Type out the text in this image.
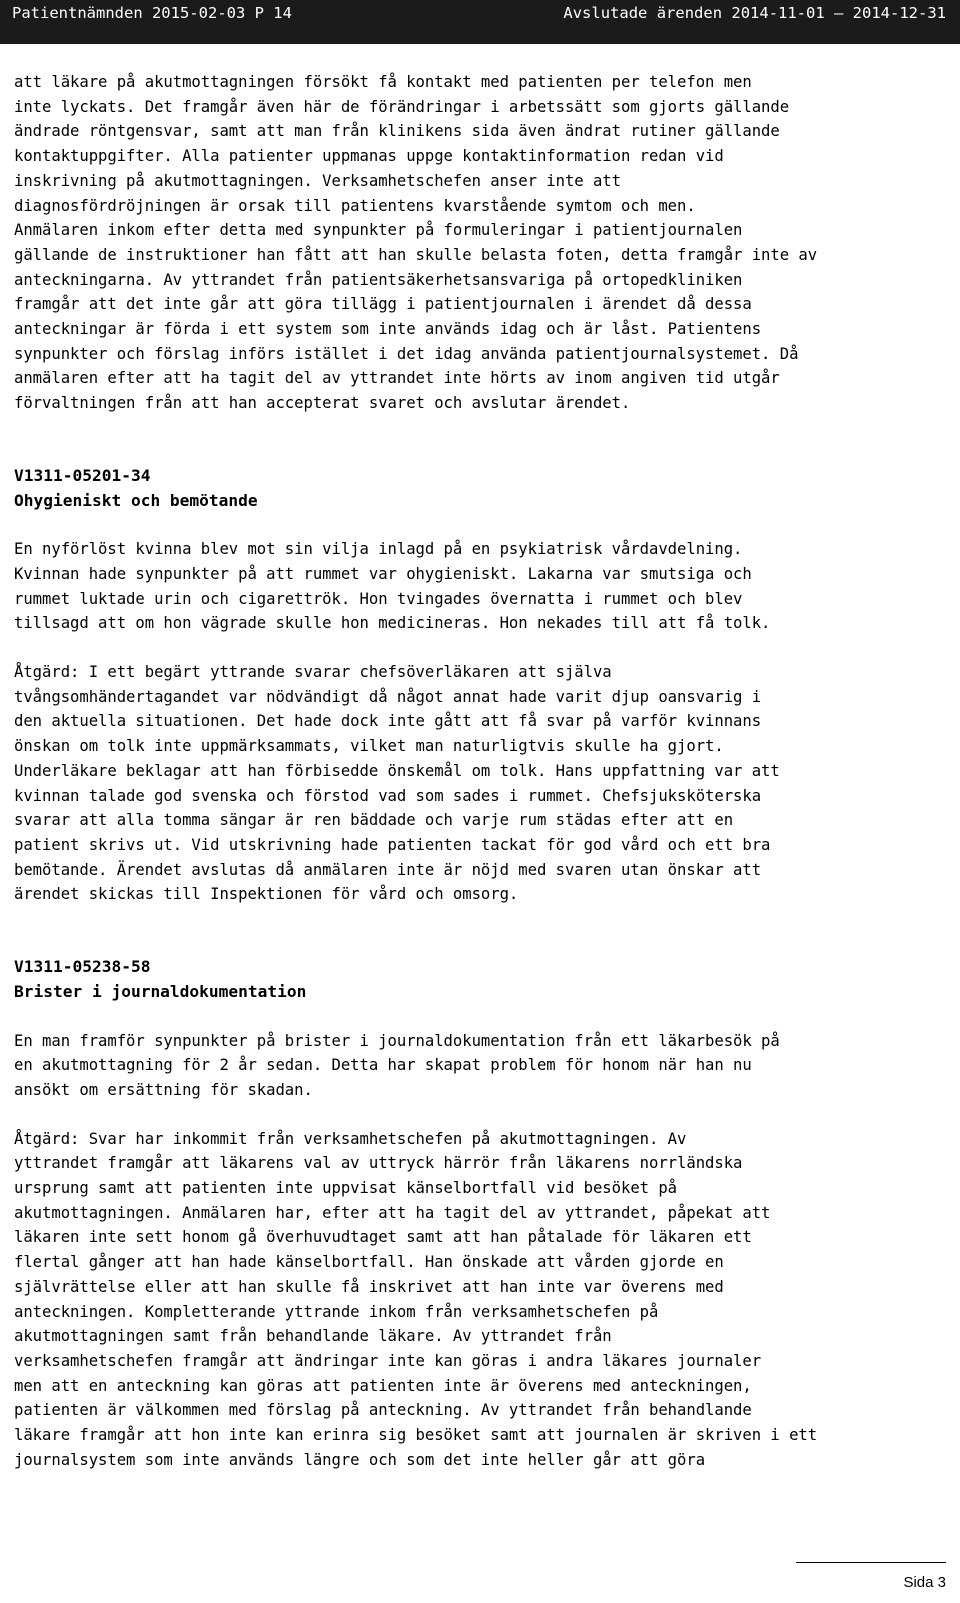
Patientnämnden 2015-02-03 P 14	Avslutade ärenden 2014-11-01 – 2014-12-31

att läkare på akutmottagningen försökt få kontakt med patienten per telefon men
inte lyckats. Det framgår även här de förändringar i arbetssätt som gjorts gällande
ändrade röntgensvar, samt att man från klinikens sida även ändrat rutiner gällande
kontaktuppgifter. Alla patienter uppmanas uppge kontaktinformation redan vid
inskrivning på akutmottagningen. Verksamhetschefen anser inte att
diagnosfördröjningen är orsak till patientens kvarstående symtom och men.
Anmälaren inkom efter detta med synpunkter på formuleringar i patientjournalen
gällande de instruktioner han fått att han skulle belasta foten, detta framgår inte av
anteckningarna. Av yttrandet från patientsäkerhetsansvariga på ortopedkliniken
framgår att det inte går att göra tillägg i patientjournalen i ärendet då dessa
anteckningar är förda i ett system som inte används idag och är låst. Patientens
synpunkter och förslag införs istället i det idag använda patientjournalsystemet. Då
anmälaren efter att ha tagit del av yttrandet inte hörts av inom angiven tid utgår
förvaltningen från att han accepterat svaret och avslutar ärendet.

V1311-05201-34

Ohygieniskt och bemötande

En nyförlöst kvinna blev mot sin vilja inlagd på en psykiatrisk vårdavdelning.
Kvinnan hade synpunkter på att rummet var ohygieniskt. Lakarna var smutsiga och
rummet luktade urin och cigarettrök. Hon tvingades övernatta i rummet och blev
tillsagd att om hon vägrade skulle hon medicineras. Hon nekades till att få tolk.

Åtgärd: I ett begärt yttrande svarar chefsöverläkaren att själva
tvångsomhändertagandet var nödvändigt då något annat hade varit djup oansvarig i
den aktuella situationen. Det hade dock inte gått att få svar på varför kvinnans
önskan om tolk inte uppmärksammats, vilket man naturligtvis skulle ha gjort.
Underläkare beklagar att han förbisedde önskemål om tolk. Hans uppfattning var att
kvinnan talade god svenska och förstod vad som sades i rummet. Chefsjuksköterska
svarar att alla tomma sängar är ren bäddade och varje rum städas efter att en
patient skrivs ut. Vid utskrivning hade patienten tackat för god vård och ett bra
bemötande. Ärendet avslutas då anmälaren inte är nöjd med svaren utan önskar att
ärendet skickas till Inspektionen för vård och omsorg.

V1311-05238-58

Brister i journaldokumentation

En man framför synpunkter på brister i journaldokumentation från ett läkarbesök på
en akutmottagning för 2 år sedan. Detta har skapat problem för honom när han nu
ansökt om ersättning för skadan.

Åtgärd: Svar har inkommit från verksamhetschefen på akutmottagningen. Av
yttrandet framgår att läkarens val av uttryck härrör från läkarens norrländska
ursprung samt att patienten inte uppvisat känselbortfall vid besöket på
akutmottagningen. Anmälaren har, efter att ha tagit del av yttrandet, påpekat att
läkaren inte sett honom gå överhuvudtaget samt att han påtalade för läkaren ett
flertal gånger att han hade känselbortfall. Han önskade att vården gjorde en
självrättelse eller att han skulle få inskrivet att han inte var överens med
anteckningen. Kompletterande yttrande inkom från verksamhetschefen på
akutmottagningen samt från behandlande läkare. Av yttrandet från
verksamhetschefen framgår att ändringar inte kan göras i andra läkares journaler
men att en anteckning kan göras att patienten inte är överens med anteckningen,
patienten är välkommen med förslag på anteckning. Av yttrandet från behandlande
läkare framgår att hon inte kan erinra sig besöket samt att journalen är skriven i ett
journalsystem som inte används längre och som det inte heller går att göra

Sida 3
